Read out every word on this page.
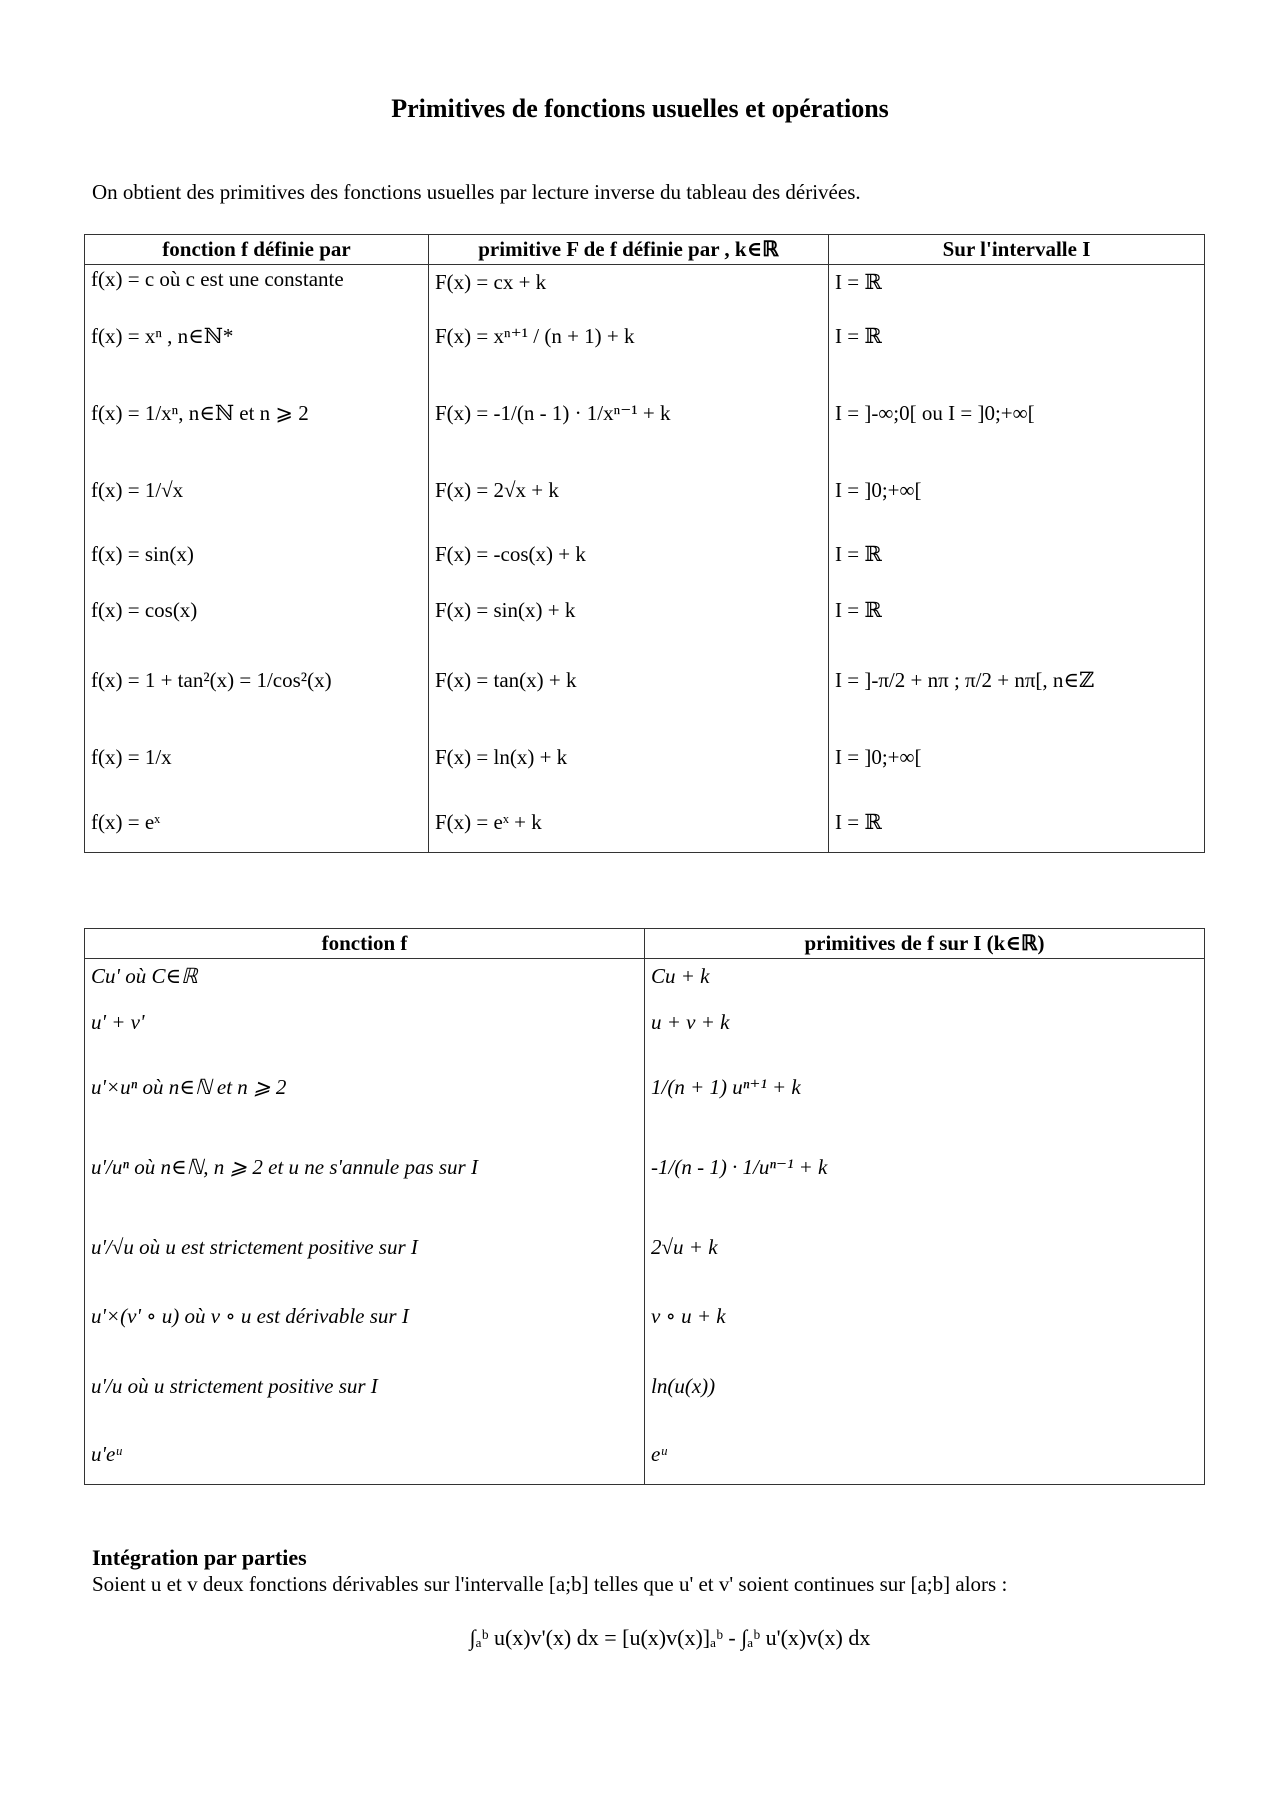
Primitives de fonctions usuelles et opérations
On obtient des primitives des fonctions usuelles par lecture inverse du tableau des dérivées.
fonction f définie par	primitive F de f définie par , k∈ℝ	Sur l'intervalle I
f(x) = c où c est une constante	F(x) = cx + k	I = ℝ
f(x) = xⁿ , n∈ℕ*	F(x) = xⁿ⁺¹ / (n + 1) + k	I = ℝ
f(x) = 1/xⁿ, n∈ℕ et n ⩾ 2	F(x) = -1/(n - 1) · 1/xⁿ⁻¹ + k	I = ]-∞;0[ ou I = ]0;+∞[
f(x) = 1/√x	F(x) = 2√x + k	I = ]0;+∞[
f(x) = sin(x)	F(x) = -cos(x) + k	I = ℝ
f(x) = cos(x)	F(x) = sin(x) + k	I = ℝ
f(x) = 1 + tan²(x) = 1/cos²(x)	F(x) = tan(x) + k	I = ]-π/2 + nπ ; π/2 + nπ[, n∈ℤ
f(x) = 1/x	F(x) = ln(x) + k	I = ]0;+∞[
f(x) = eˣ	F(x) = eˣ + k	I = ℝ
fonction f	primitives de f sur I (k∈ℝ)
Cu' où C∈ℝ	Cu + k
u' + v'	u + v + k
u'×uⁿ où n∈ℕ et n ⩾ 2	1/(n + 1) uⁿ⁺¹ + k
u'/uⁿ où n∈ℕ, n ⩾ 2 et u ne s'annule pas sur I	-1/(n - 1) · 1/uⁿ⁻¹ + k
u'/√u où u est strictement positive sur I	2√u + k
u'×(v' ∘ u) où v ∘ u est dérivable sur I	v ∘ u + k
u'/u où u strictement positive sur I	ln(u(x))
u'eᵘ	eᵘ
Intégration par parties
Soient u et v deux fonctions dérivables sur l'intervalle [a;b] telles que u' et v' soient continues sur [a;b] alors :
∫ₐᵇ u(x)v'(x) dx = [u(x)v(x)]ₐᵇ - ∫ₐᵇ u'(x)v(x) dx
